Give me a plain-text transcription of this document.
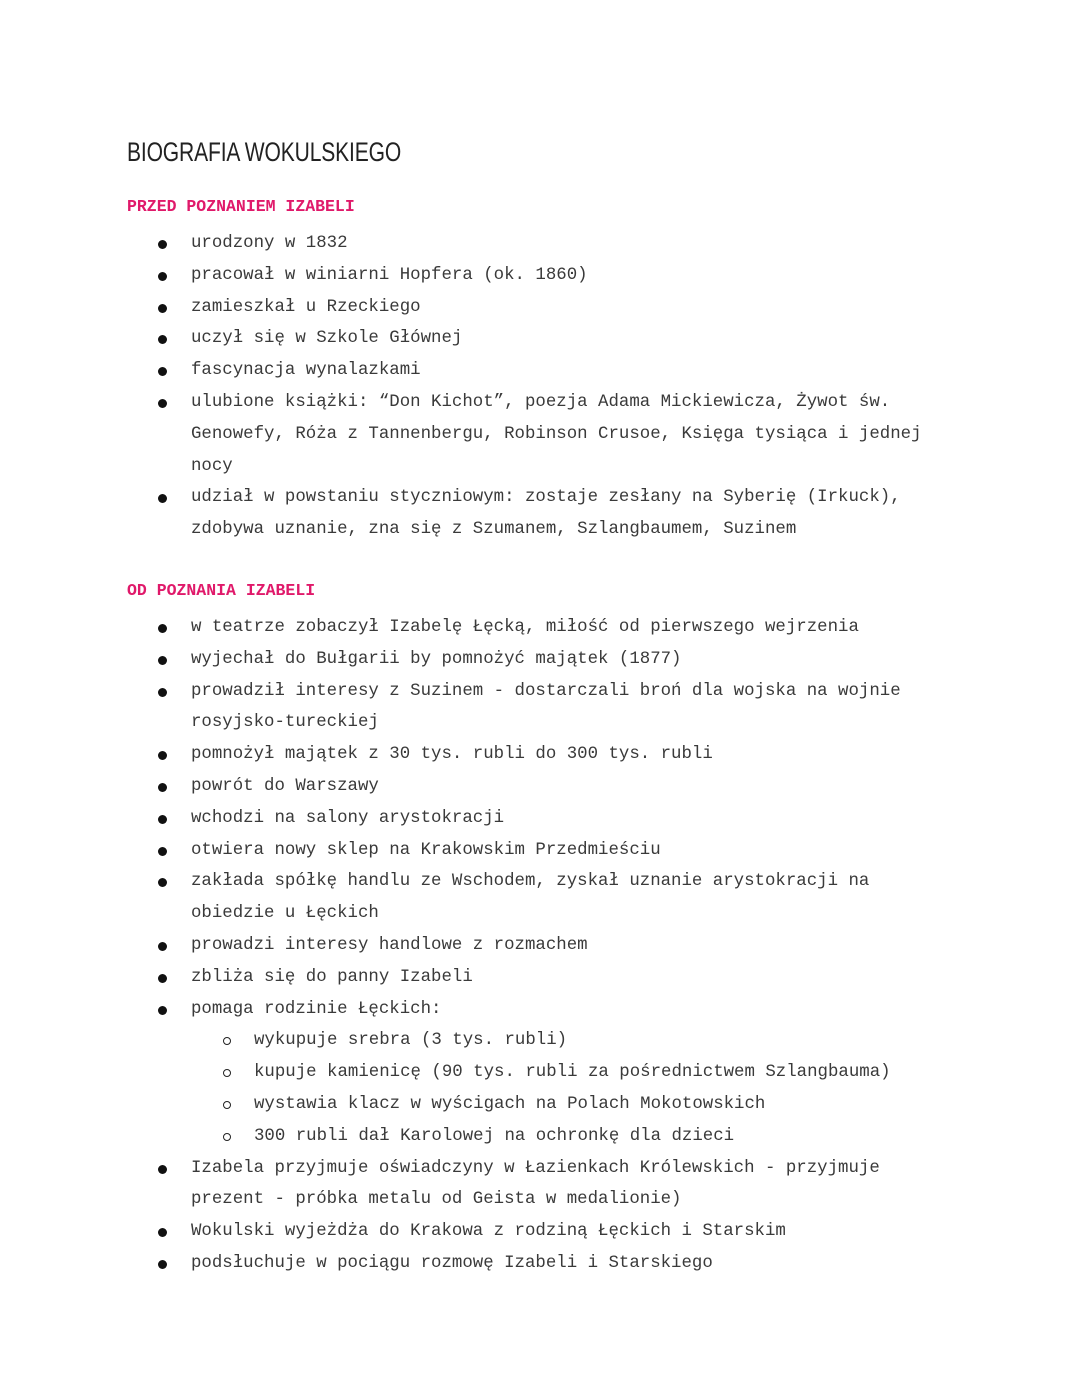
BIOGRAFIA WOKULSKIEGO
PRZED POZNANIEM IZABELI
urodzony w 1832
pracował w winiarni Hopfera (ok. 1860)
zamieszkał u Rzeckiego
uczył się w Szkole Głównej
fascynacja wynalazkami
ulubione książki: “Don Kichot”, poezja Adama Mickiewicza, Żywot św. Genowefy, Róża z Tannenbergu, Robinson Crusoe, Księga tysiąca i jednej nocy
udział w powstaniu styczniowym: zostaje zesłany na Syberię (Irkuck), zdobywa uznanie, zna się z Szumanem, Szlangbaumem, Suzinem
OD POZNANIA IZABELI
w teatrze zobaczył Izabelę Łęcką, miłość od pierwszego wejrzenia
wyjechał do Bułgarii by pomnożyć majątek (1877)
prowadził interesy z Suzinem - dostarczali broń dla wojska na wojnie rosyjsko-tureckiej
pomnożył majątek z 30 tys. rubli do 300 tys. rubli
powrót do Warszawy
wchodzi na salony arystokracji
otwiera nowy sklep na Krakowskim Przedmieściu
zakłada spółkę handlu ze Wschodem, zyskał uznanie arystokracji na obiedzie u Łęckich
prowadzi interesy handlowe z rozmachem
zbliża się do panny Izabeli
pomaga rodzinie Łęckich:
wykupuje srebra (3 tys. rubli)
kupuje kamienicę (90 tys. rubli za pośrednictwem Szlangbauma)
wystawia klacz w wyścigach na Polach Mokotowskich
300 rubli dał Karolowej na ochronkę dla dzieci
Izabela przyjmuje oświadczyny w Łazienkach Królewskich - przyjmuje prezent - próbka metalu od Geista w medalionie)
Wokulski wyjeżdża do Krakowa z rodziną Łęckich i Starskim
podsłuchuje w pociągu rozmowę Izabeli i Starskiego
